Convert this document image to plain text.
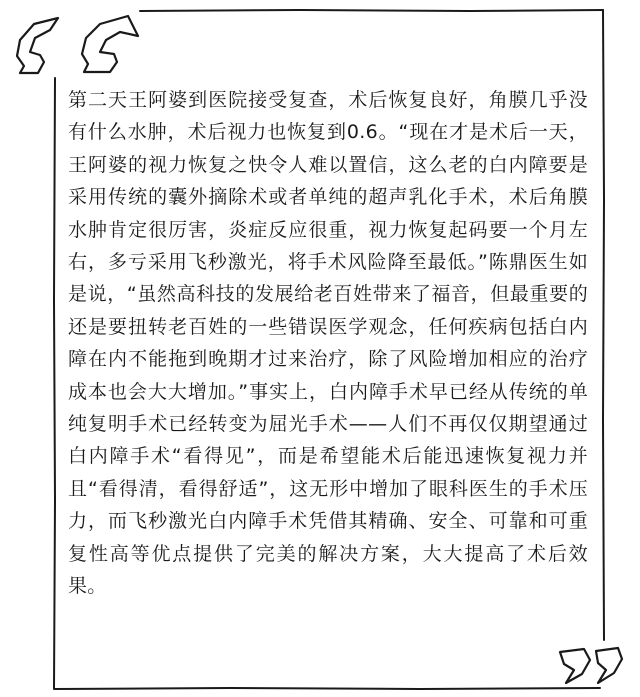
第二天王阿婆到医院接受复查，术后恢复良好，角膜几乎没有什么水肿，术后视力也恢复到0.6。“现在才是术后一天，王阿婆的视力恢复之快令人难以置信，这么老的白内障要是采用传统的囊外摘除术或者单纯的超声乳化手术，术后角膜水肿肯定很厉害，炎症反应很重，视力恢复起码要一个月左右，多亏采用飞秒激光，将手术风险降至最低。”陈鼎医生如是说，“虽然高科技的发展给老百姓带来了福音，但最重要的还是要扭转老百姓的一些错误医学观念，任何疾病包括白内障在内不能拖到晚期才过来治疗，除了风险增加相应的治疗成本也会大大增加。”事实上，白内障手术早已经从传统的单纯复明手术已经转变为屈光手术——人们不再仅仅期望通过白内障手术“看得见”，而是希望能术后能迅速恢复视力并且“看得清，看得舒适”，这无形中增加了眼科医生的手术压力，而飞秒激光白内障手术凭借其精确、安全、可靠和可重复性高等优点提供了完美的解决方案，大大提高了术后效果。
